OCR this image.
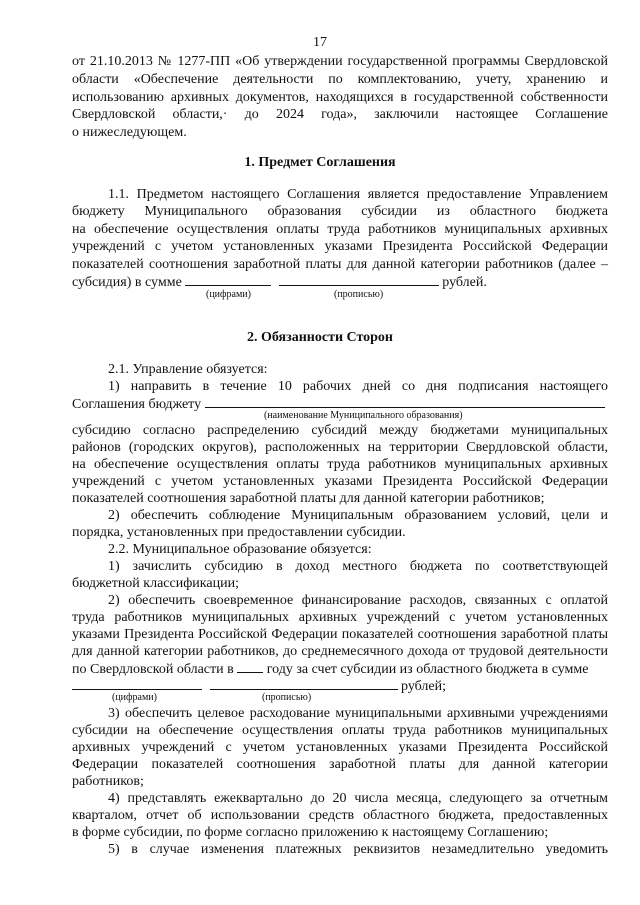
17
от 21.10.2013 № 1277-ПП «Об утверждении государственной программы Свердловской
области «Обеспечение деятельности по комплектованию, учету, хранению и
использованию архивных документов, находящихся в государственной собственности
Свердловской области,· до 2024 года», заключили настоящее Соглашение
о нижеследующем.
1. Предмет Соглашения
1.1. Предметом настоящего Соглашения является предоставление Управлением
бюджету Муниципального образования субсидии из областного бюджета
на обеспечение осуществления оплаты труда работников муниципальных архивных
учреждений с учетом установленных указами Президента Российской Федерации
показателей соотношения заработной платы для данной категории работников (далее –
субсидия) в сумме	рублей.
(цифрами)	(прописью)
2. Обязанности Сторон
2.1. Управление обязуется:
1) направить в течение 10 рабочих дней со дня подписания настоящего
Соглашения бюджету
(наименование Муниципального образования)
субсидию согласно распределению субсидий между бюджетами муниципальных
районов (городских округов), расположенных на территории Свердловской области,
на обеспечение осуществления оплаты труда работников муниципальных архивных
учреждений с учетом установленных указами Президента Российской Федерации
показателей соотношения заработной платы для данной категории работников;
2) обеспечить соблюдение Муниципальным образованием условий, цели и
порядка, установленных при предоставлении субсидии.
2.2. Муниципальное образование обязуется:
1) зачислить субсидию в доход местного бюджета по соответствующей
бюджетной классификации;
2) обеспечить своевременное финансирование расходов, связанных с оплатой
труда работников муниципальных архивных учреждений с учетом установленных
указами Президента Российской Федерации показателей соотношения заработной платы
для данной категории работников, до среднемесячного дохода от трудовой деятельности
по Свердловской области в году за счет субсидии из областного бюджета в сумме
рублей;
(цифрами)	(прописью)
3) обеспечить целевое расходование муниципальными архивными учреждениями
субсидии на обеспечение осуществления оплаты труда работников муниципальных
архивных учреждений с учетом установленных указами Президента Российской
Федерации показателей соотношения заработной платы для данной категории
работников;
4) представлять ежеквартально до 20 числа месяца, следующего за отчетным
кварталом, отчет об использовании средств областного бюджета, предоставленных
в форме субсидии, по форме согласно приложению к настоящему Соглашению;
5) в случае изменения платежных реквизитов незамедлительно уведомить
